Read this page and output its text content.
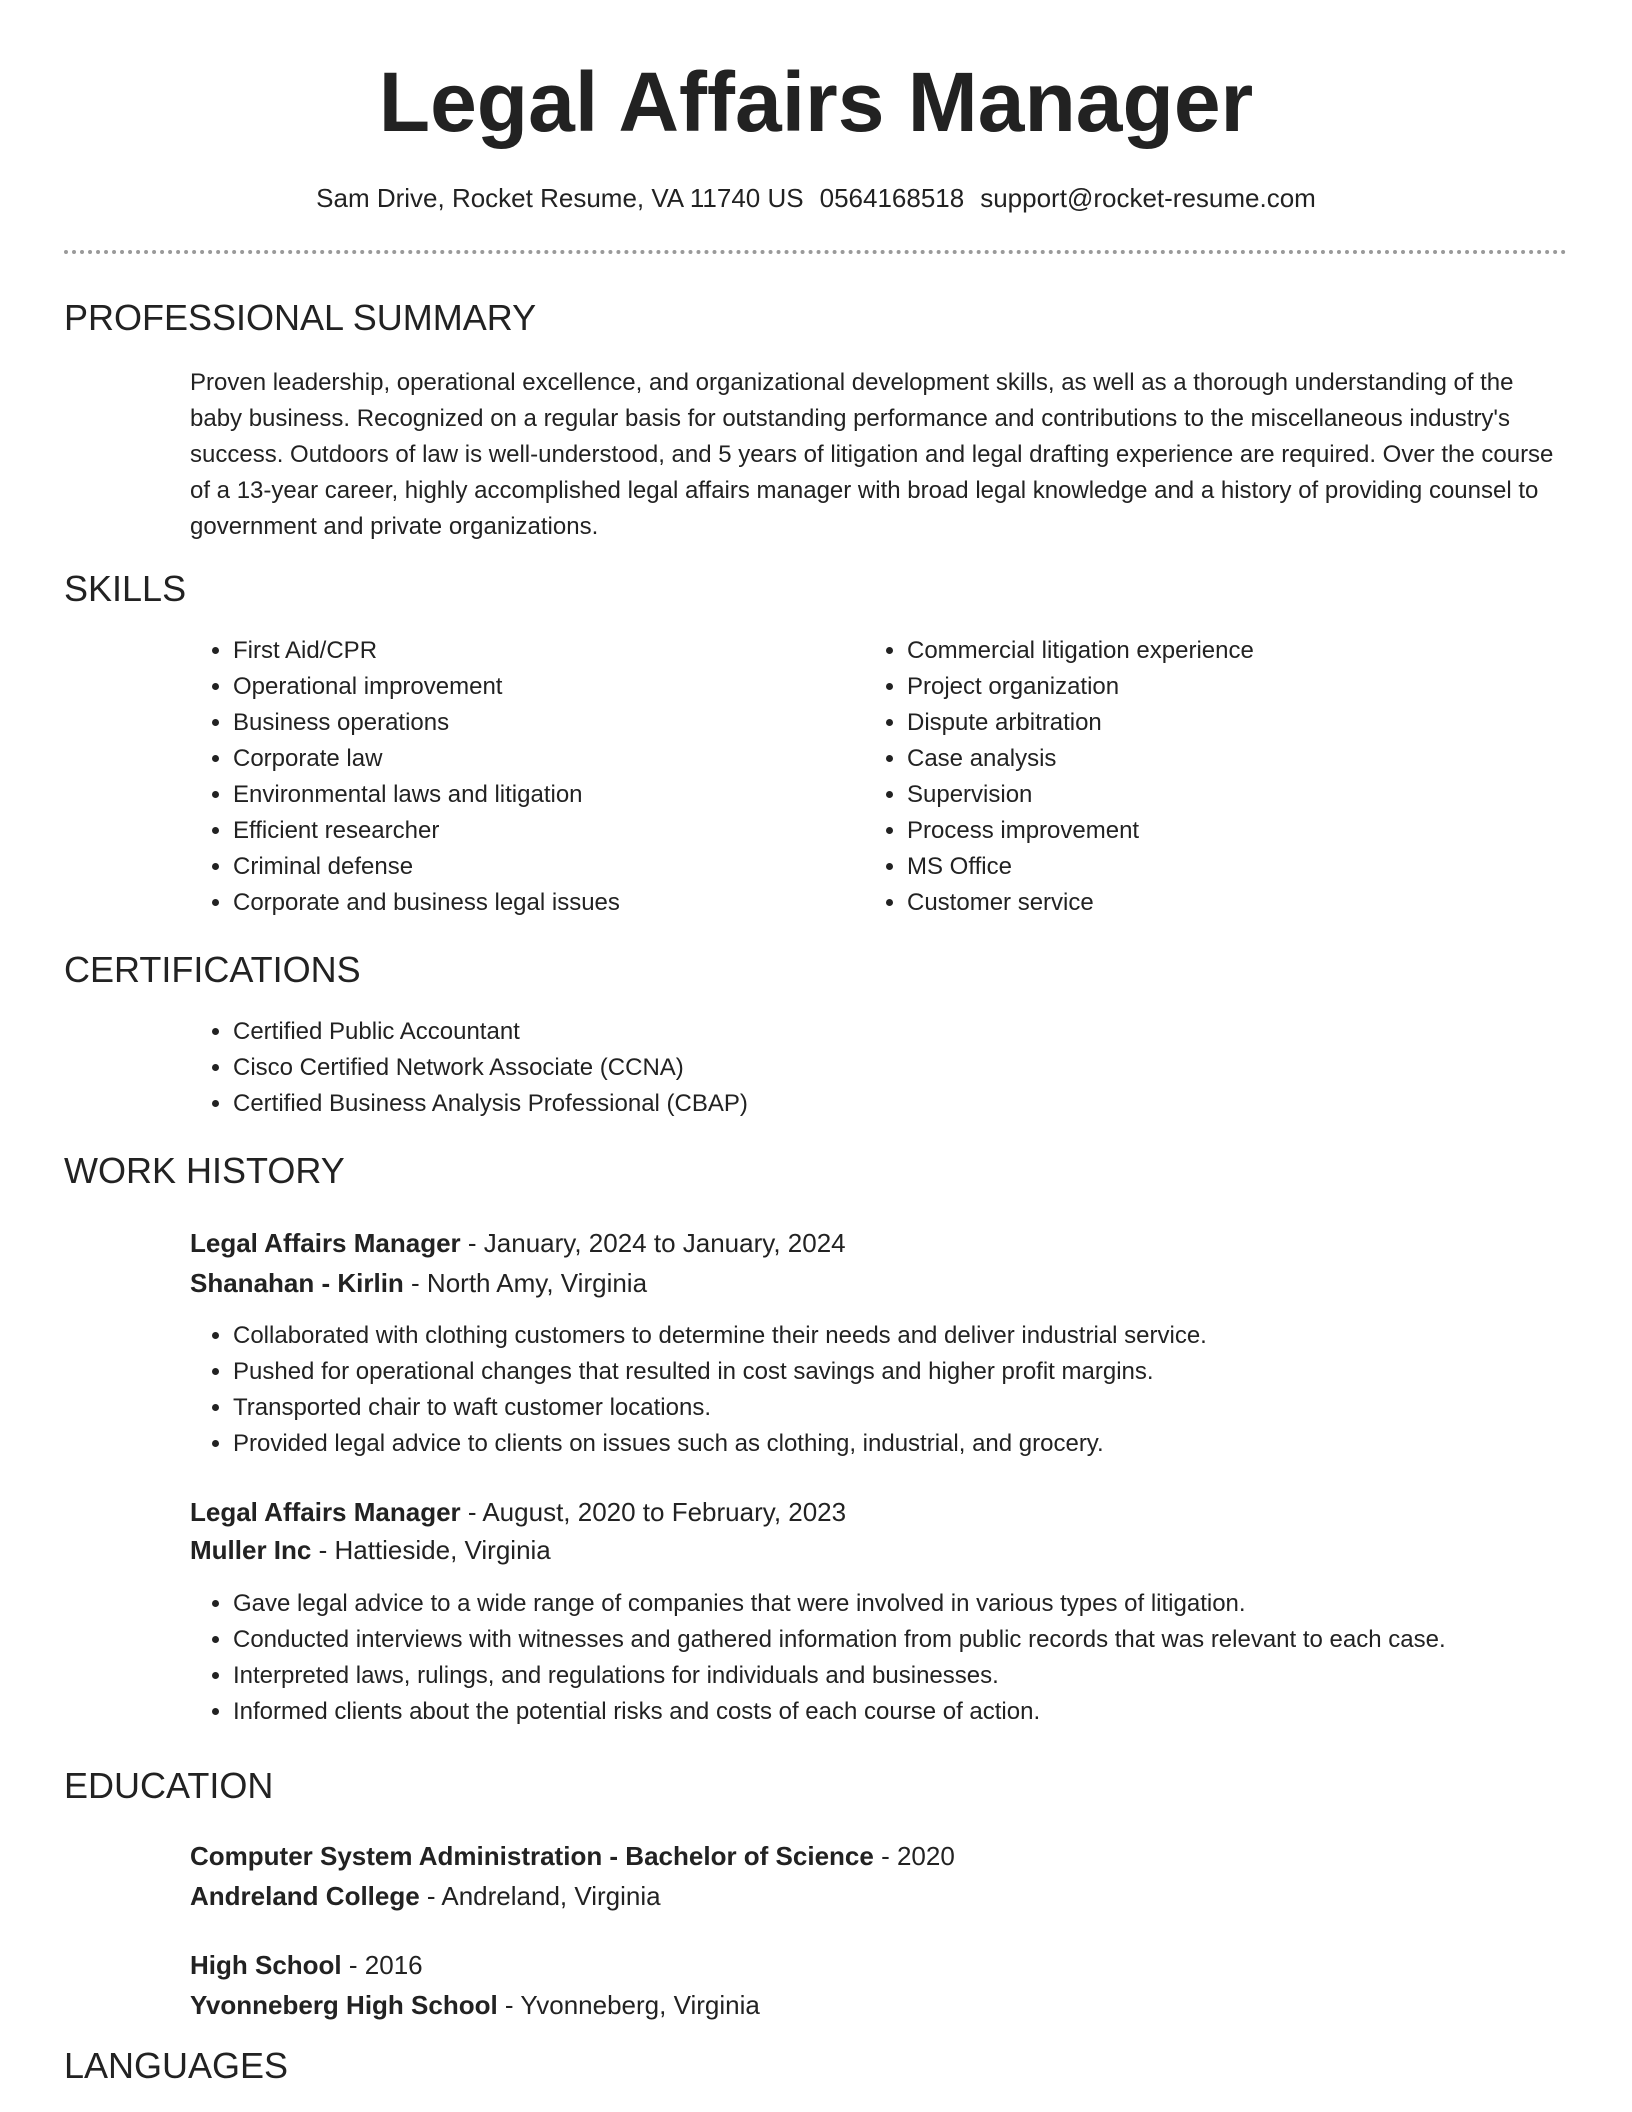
Legal Affairs Manager
Sam Drive, Rocket Resume, VA 11740 US 0564168518 support@rocket-resume.com
PROFESSIONAL SUMMARY

Proven leadership, operational excellence, and organizational development skills, as well as a thorough understanding of the baby business. Recognized on a regular basis for outstanding performance and contributions to the miscellaneous industry's success. Outdoors of law is well-understood, and 5 years of litigation and legal drafting experience are required. Over the course of a 13-year career, highly accomplished legal affairs manager with broad legal knowledge and a history of providing counsel to government and private organizations.

SKILLS
• First Aid/CPR
• Operational improvement
• Business operations
• Corporate law
• Environmental laws and litigation
• Efficient researcher
• Criminal defense
• Corporate and business legal issues
• Commercial litigation experience
• Project organization
• Dispute arbitration
• Case analysis
• Supervision
• Process improvement
• MS Office
• Customer service
CERTIFICATIONS
• Certified Public Accountant
• Cisco Certified Network Associate (CCNA)
• Certified Business Analysis Professional (CBAP)
WORK HISTORY
Legal Affairs Manager - January, 2024 to January, 2024
Shanahan - Kirlin - North Amy, Virginia
• Collaborated with clothing customers to determine their needs and deliver industrial service.
• Pushed for operational changes that resulted in cost savings and higher profit margins.
• Transported chair to waft customer locations.
• Provided legal advice to clients on issues such as clothing, industrial, and grocery.
Legal Affairs Manager - August, 2020 to February, 2023
Muller Inc - Hattieside, Virginia
• Gave legal advice to a wide range of companies that were involved in various types of litigation.
• Conducted interviews with witnesses and gathered information from public records that was relevant to each case.
• Interpreted laws, rulings, and regulations for individuals and businesses.
• Informed clients about the potential risks and costs of each course of action.
EDUCATION
Computer System Administration - Bachelor of Science - 2020
Andreland College - Andreland, Virginia
High School - 2016
Yvonneberg High School - Yvonneberg, Virginia
LANGUAGES
